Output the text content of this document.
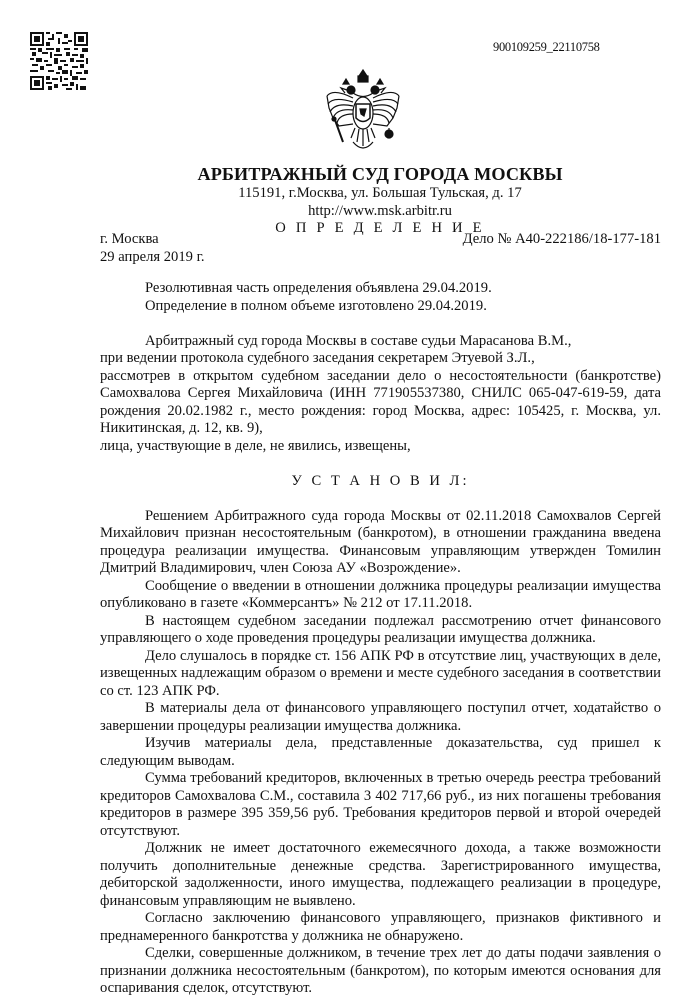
900109259_22110758
АРБИТРАЖНЫЙ СУД ГОРОДА МОСКВЫ
115191, г.Москва, ул. Большая Тульская, д. 17
http://www.msk.arbitr.ru
О П Р Е Д Е Л Е Н И Е
г. Москва	Дело № А40-222186/18-177-181
29 апреля 2019 г.

Резолютивная часть определения объявлена 29.04.2019.

Определение в полном объеме изготовлено 29.04.2019.

Арбитражный суд города Москвы в составе судьи Марасанова В.М.,

при ведении протокола судебного заседания секретарем Этуевой З.Л.,

рассмотрев в открытом судебном заседании дело о несостоятельности (банкротстве) Самохвалова Сергея Михайловича (ИНН 771905537380, СНИЛС 065-047-619-59, дата рождения 20.02.1982 г., место рождения: город Москва, адрес: 105425, г. Москва, ул. Никитинская, д. 12, кв. 9),

лица, участвующие в деле, не явились, извещены,

У С Т А Н О В И Л:

Решением Арбитражного суда города Москвы от 02.11.2018 Самохвалов Сергей Михайлович признан несостоятельным (банкротом), в отношении гражданина введена процедура реализации имущества. Финансовым управляющим утвержден Томилин Дмитрий Владимирович, член Союза АУ «Возрождение».

Сообщение о введении в отношении должника процедуры реализации имущества опубликовано в газете «Коммерсантъ» № 212 от 17.11.2018.

В настоящем судебном заседании подлежал рассмотрению отчет финансового управляющего о ходе проведения процедуры реализации имущества должника.

Дело слушалось в порядке ст. 156 АПК РФ в отсутствие лиц, участвующих в деле, извещенных надлежащим образом о времени и месте судебного заседания в соответствии со ст. 123 АПК РФ.

В материалы дела от финансового управляющего поступил отчет, ходатайство о завершении процедуры реализации имущества должника.

Изучив материалы дела, представленные доказательства, суд пришел к следующим выводам.

Сумма требований кредиторов, включенных в третью очередь реестра требований кредиторов Самохвалова С.М., составила 3 402 717,66 руб., из них погашены требования кредиторов в размере 395 359,56 руб. Требования кредиторов первой и второй очередей отсутствуют.

Должник не имеет достаточного ежемесячного дохода, а также возможности получить дополнительные денежные средства. Зарегистрированного имущества, дебиторской задолженности, иного имущества, подлежащего реализации в процедуре, финансовым управляющим не выявлено.

Согласно заключению финансового управляющего, признаков фиктивного и преднамеренного банкротства у должника не обнаружено.

Сделки, совершенные должником, в течение трех лет до даты подачи заявления о признании должника несостоятельным (банкротом), по которым имеются основания для оспаривания сделок, отсутствуют.
